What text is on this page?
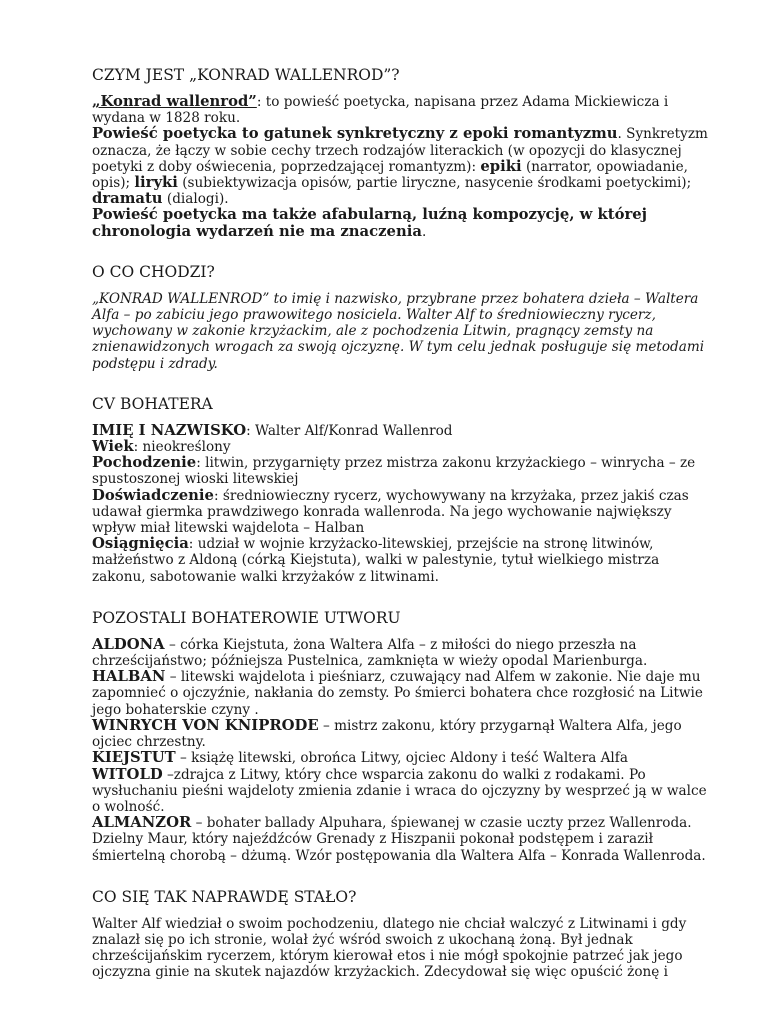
CZYM JEST „KONRAD WALLENROD”?

„Konrad wallenrod”: to powieść poetycka, napisana przez Adama Mickiewicza i wydana w 1828 roku.

Powieść poetycka to gatunek synkretyczny z epoki romantyzmu. Synkretyzm oznacza, że łączy w sobie cechy trzech rodzajów literackich (w opozycji do klasycznej poetyki z doby oświecenia, poprzedzającej romantyzm): epiki (narrator, opowiadanie, opis); liryki (subiektywizacja opisów, partie liryczne, nasycenie środkami poetyckimi); dramatu (dialogi).

Powieść poetycka ma także afabularną, luźną kompozycję, w której chronologia wydarzeń nie ma znaczenia.

O CO CHODZI?

„KONRAD WALLENROD” to imię i nazwisko, przybrane przez bohatera dzieła – Waltera Alfa – po zabiciu jego prawowitego nosiciela. Walter Alf to średniowieczny rycerz, wychowany w zakonie krzyżackim, ale z pochodzenia Litwin, pragnący zemsty na znienawidzonych wrogach za swoją ojczyznę. W tym celu jednak posługuje się metodami podstępu i zdrady.

CV BOHATERA

IMIĘ I NAZWISKO: Walter Alf/Konrad Wallenrod

Wiek: nieokreślony

Pochodzenie: litwin, przygarnięty przez mistrza zakonu krzyżackiego – winrycha – ze spustoszonej wioski litewskiej

Doświadczenie: średniowieczny rycerz, wychowywany na krzyżaka, przez jakiś czas udawał giermka prawdziwego konrada wallenroda. Na jego wychowanie największy wpływ miał litewski wajdelota – Halban

Osiągnięcia: udział w wojnie krzyżacko-litewskiej, przejście na stronę litwinów, małżeństwo z Aldoną (córką Kiejstuta), walki w palestynie, tytuł wielkiego mistrza zakonu, sabotowanie walki krzyżaków z litwinami.

POZOSTALI BOHATEROWIE UTWORU

ALDONA – córka Kiejstuta, żona Waltera Alfa – z miłości do niego przeszła na chrześcijaństwo; późniejsza Pustelnica, zamknięta w wieży opodal Marienburga.

HALBAN – litewski wajdelota i pieśniarz, czuwający nad Alfem w zakonie. Nie daje mu zapomnieć o ojczyźnie, nakłania do zemsty. Po śmierci bohatera chce rozgłosić na Litwie jego bohaterskie czyny .

WINRYCH VON KNIPRODE – mistrz zakonu, który przygarnął Waltera Alfa, jego ojciec chrzestny.

KIEJSTUT – książę litewski, obrońca Litwy, ojciec Aldony i teść Waltera Alfa

WITOLD –zdrajca z Litwy, który chce wsparcia zakonu do walki z rodakami. Po wysłuchaniu pieśni wajdeloty zmienia zdanie i wraca do ojczyzny by wesprzeć ją w walce o wolność.

ALMANZOR – bohater ballady Alpuhara, śpiewanej w czasie uczty przez Wallenroda. Dzielny Maur, który najeźdźców Grenady z Hiszpanii pokonał podstępem i zaraził śmiertelną chorobą – dżumą. Wzór postępowania dla Waltera Alfa – Konrada Wallenroda.

CO SIĘ TAK NAPRAWDĘ STAŁO?

Walter Alf wiedział o swoim pochodzeniu, dlatego nie chciał walczyć z Litwinami i gdy znalazł się po ich stronie, wolał żyć wśród swoich z ukochaną żoną. Był jednak chrześcijańskim rycerzem, którym kierował etos i nie mógł spokojnie patrzeć jak jego ojczyzna ginie na skutek najazdów krzyżackich. Zdecydował się więc opuścić żonę i
